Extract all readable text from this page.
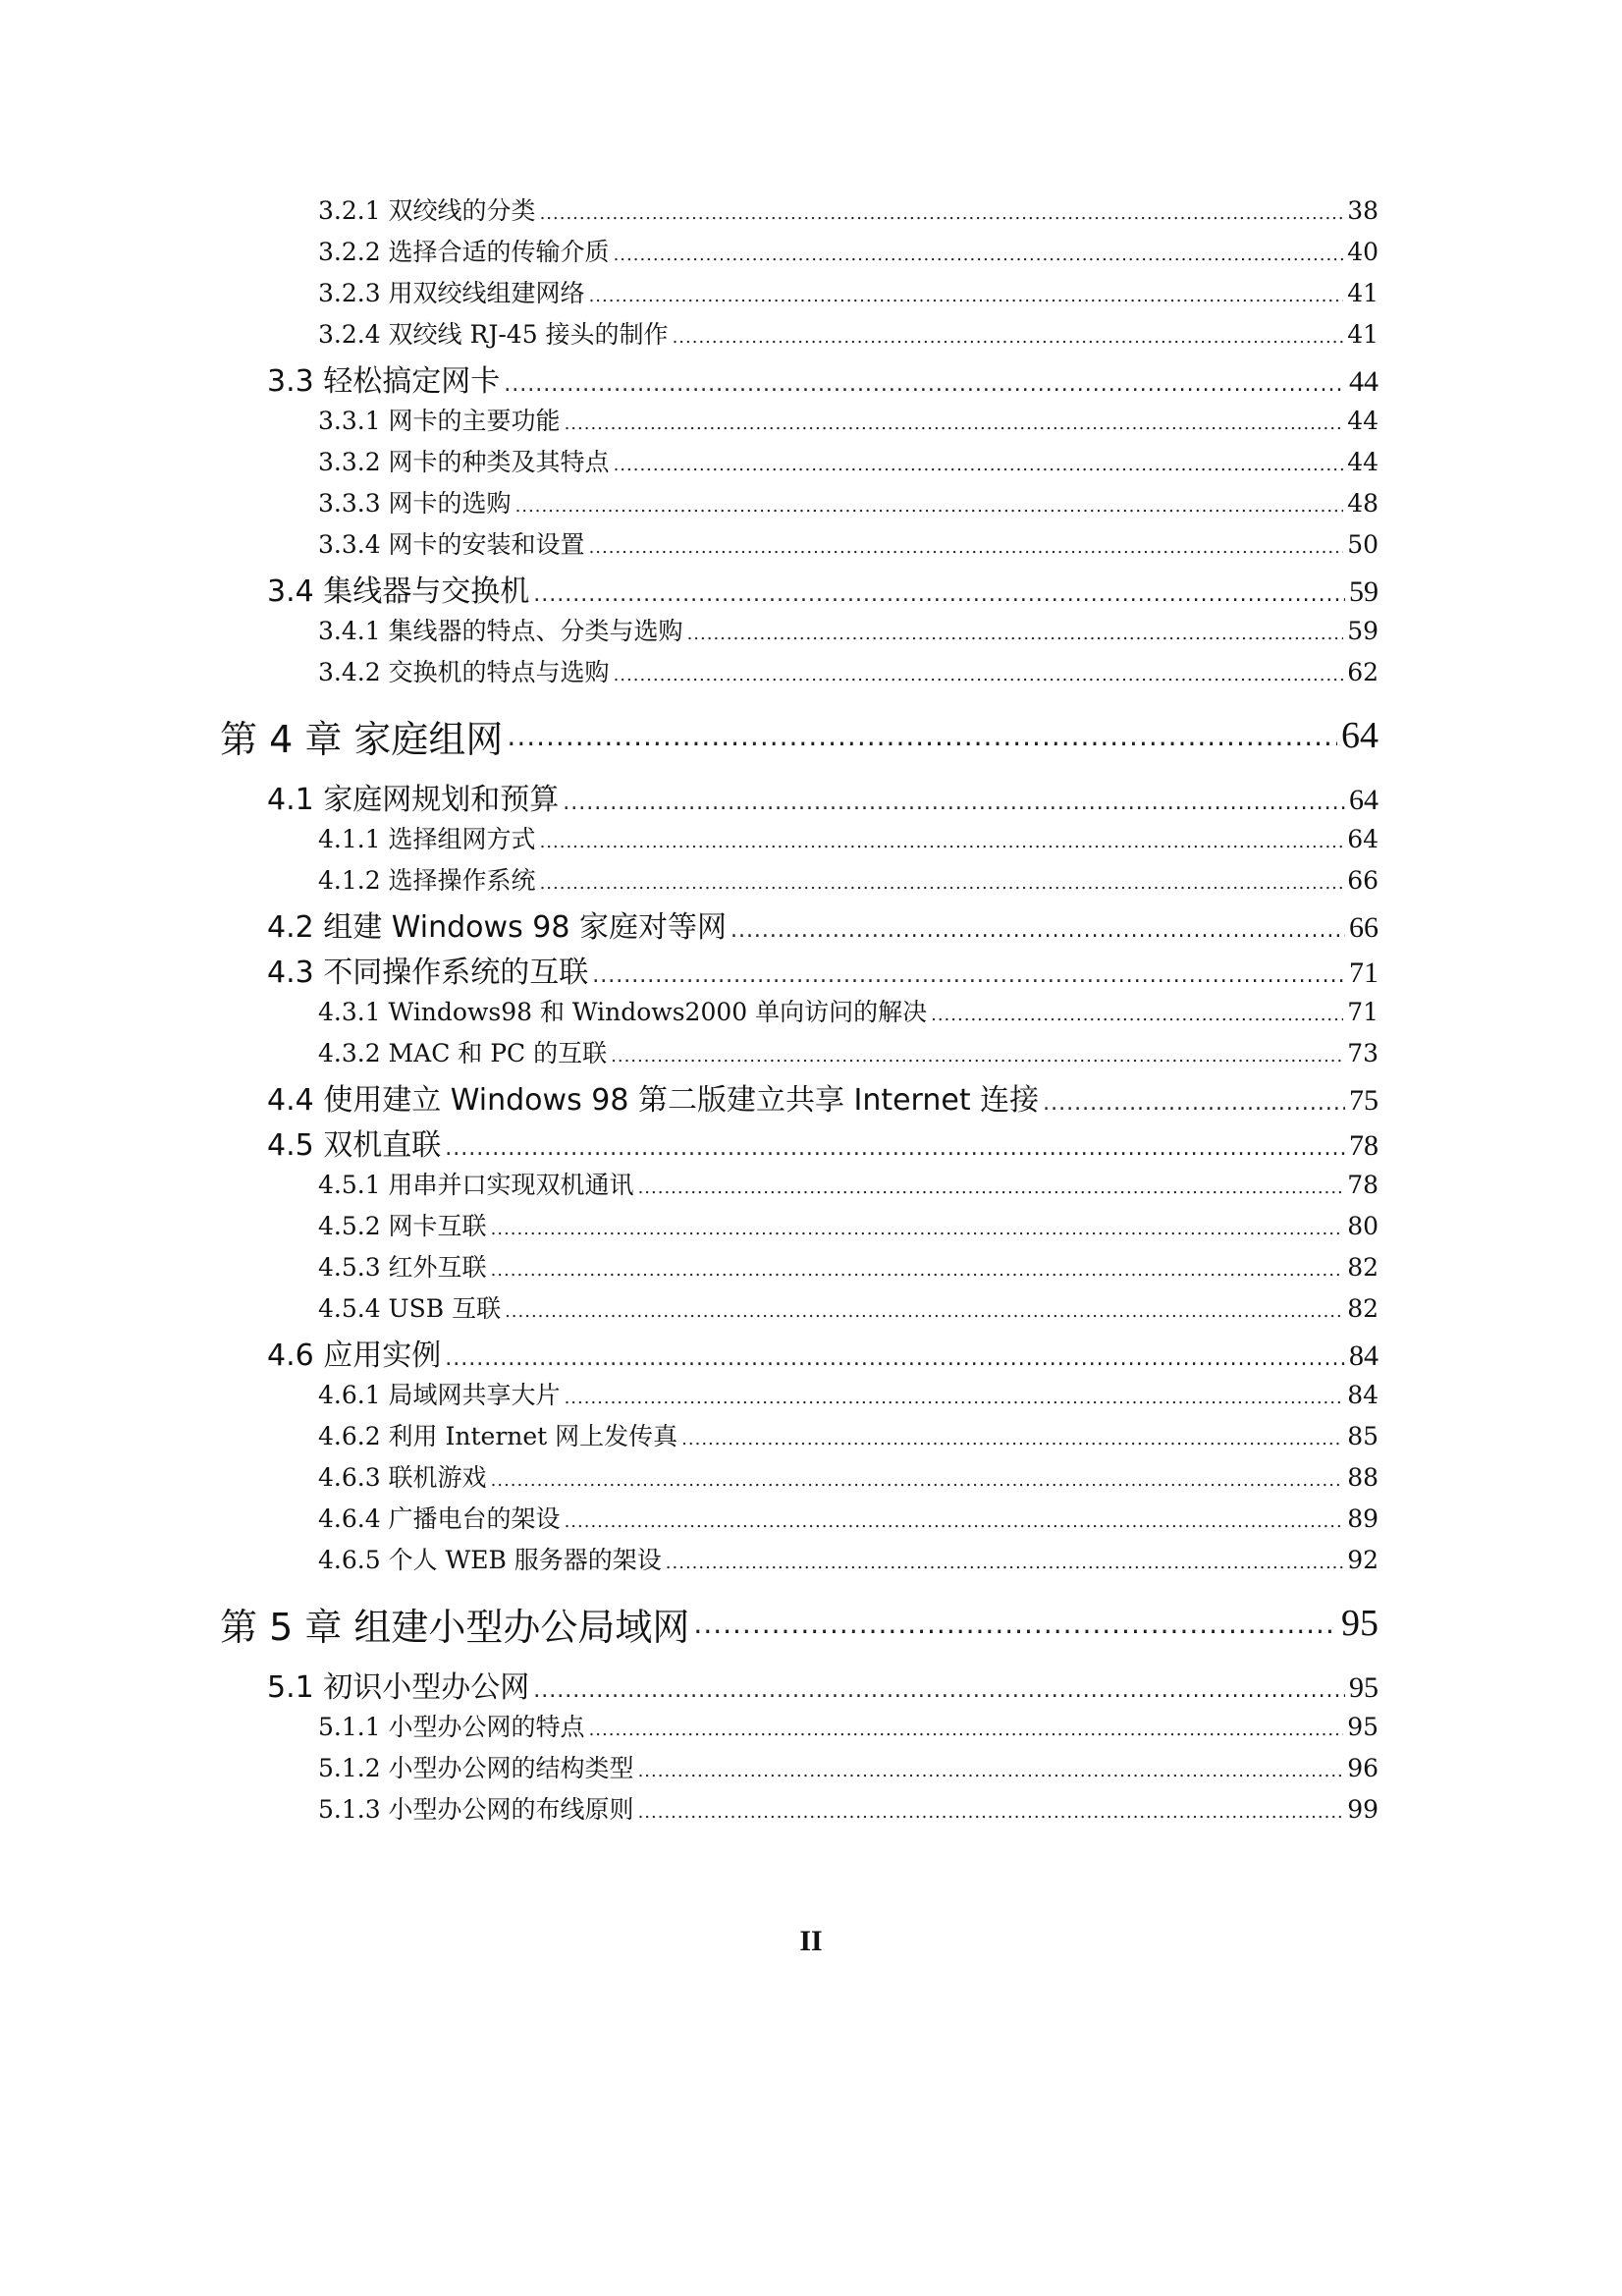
3.2.1 双绞线的分类 .....	38
3.2.2 选择合适的传输介质 .....	40
3.2.3 用双绞线组建网络 .....	41
3.2.4 双绞线 RJ-45 接头的制作 .....	41
3.3 轻松搞定网卡 .....	44
3.3.1 网卡的主要功能 .....	44
3.3.2 网卡的种类及其特点 .....	44
3.3.3 网卡的选购 .....	48
3.3.4 网卡的安装和设置 .....	50
3.4 集线器与交换机 .....	59
3.4.1 集线器的特点、分类与选购 .....	59
3.4.2 交换机的特点与选购 .....	62
第 4 章 家庭组网 .....	64
4.1 家庭网规划和预算 .....	64
4.1.1 选择组网方式 .....	64
4.1.2 选择操作系统 .....	66
4.2 组建 Windows 98 家庭对等网 .....	66
4.3 不同操作系统的互联 .....	71
4.3.1 Windows98 和 Windows2000 单向访问的解决 .....	71
4.3.2 MAC 和 PC 的互联 .....	73
4.4 使用建立 Windows 98 第二版建立共享 Internet 连接 .....	75
4.5 双机直联 .....	78
4.5.1 用串并口实现双机通讯 .....	78
4.5.2 网卡互联 .....	80
4.5.3 红外互联 .....	82
4.5.4 USB 互联 .....	82
4.6 应用实例 .....	84
4.6.1 局域网共享大片 .....	84
4.6.2 利用 Internet 网上发传真 .....	85
4.6.3 联机游戏 .....	88
4.6.4 广播电台的架设 .....	89
4.6.5 个人 WEB 服务器的架设 .....	92
第 5 章 组建小型办公局域网 .....	95
5.1 初识小型办公网 .....	95
5.1.1 小型办公网的特点 .....	95
5.1.2 小型办公网的结构类型 .....	96
5.1.3 小型办公网的布线原则 .....	99
II
